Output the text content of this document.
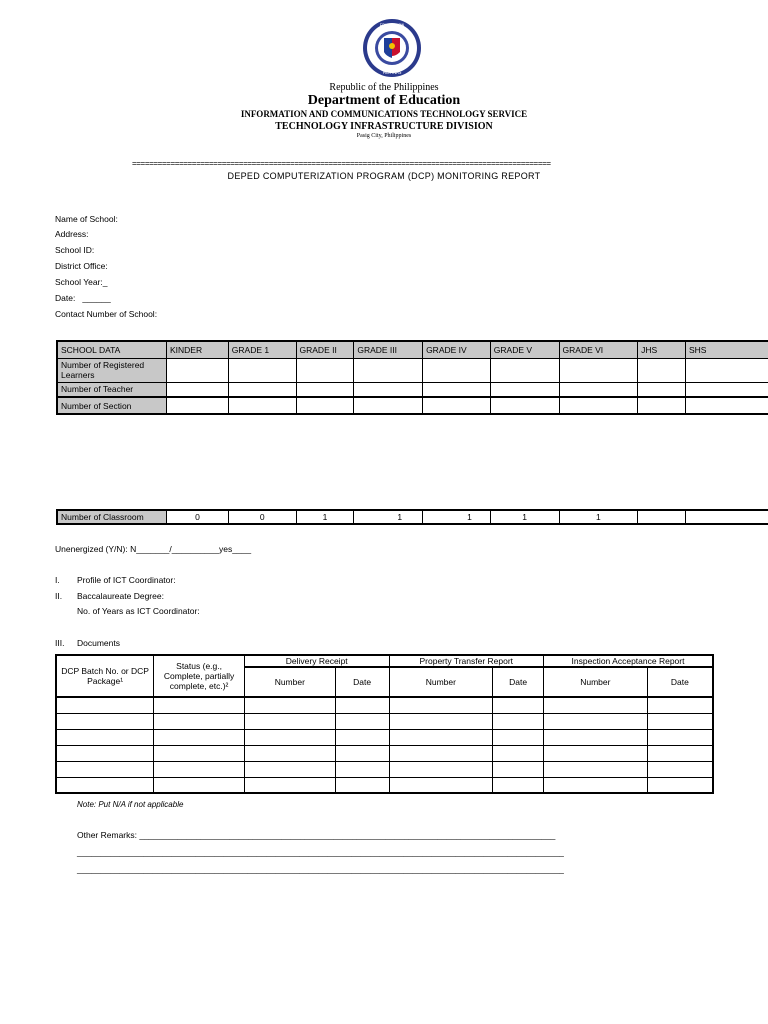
EDUKASYON
PILIPINAS
Republic of the Philippines
Department of Education
INFORMATION AND COMMUNICATIONS TECHNOLOGY SERVICE
TECHNOLOGY INFRASTRUCTURE DIVISION
Pasig City, Philippines
==================================================================================================
DEPED COMPUTERIZATION PROGRAM (DCP) MONITORING REPORT
Name of School:
Address:
School ID:
District Office:
School Year:_
Date:   ______
Contact Number of School:
SCHOOL DATA	KINDER	GRADE 1	GRADE II	GRADE III	GRADE IV	GRADE V	GRADE VI	JHS	SHS
Number of Registered Learners									
Number of Teacher									
Number of Section									
Number of Classroom	0	0	1	1	1	1	1		
Unenergized (Y/N): N_______/__________yes____
I. Profile of ICT Coordinator:
II. Baccalaureate Degree:
No. of Years as ICT Coordinator:
III. Documents
DCP Batch No. or DCP Package¹	Status (e.g., Complete, partially complete, etc.)²	Delivery Receipt		Property Transfer Report		Inspection Acceptance Report	
		Number	Date	Number	Date	Number	Date

Note: Put N/A if not applicable
Other Remarks: ________________________________________________________________________________________
_______________________________________________________________________________________________________
_______________________________________________________________________________________________________
